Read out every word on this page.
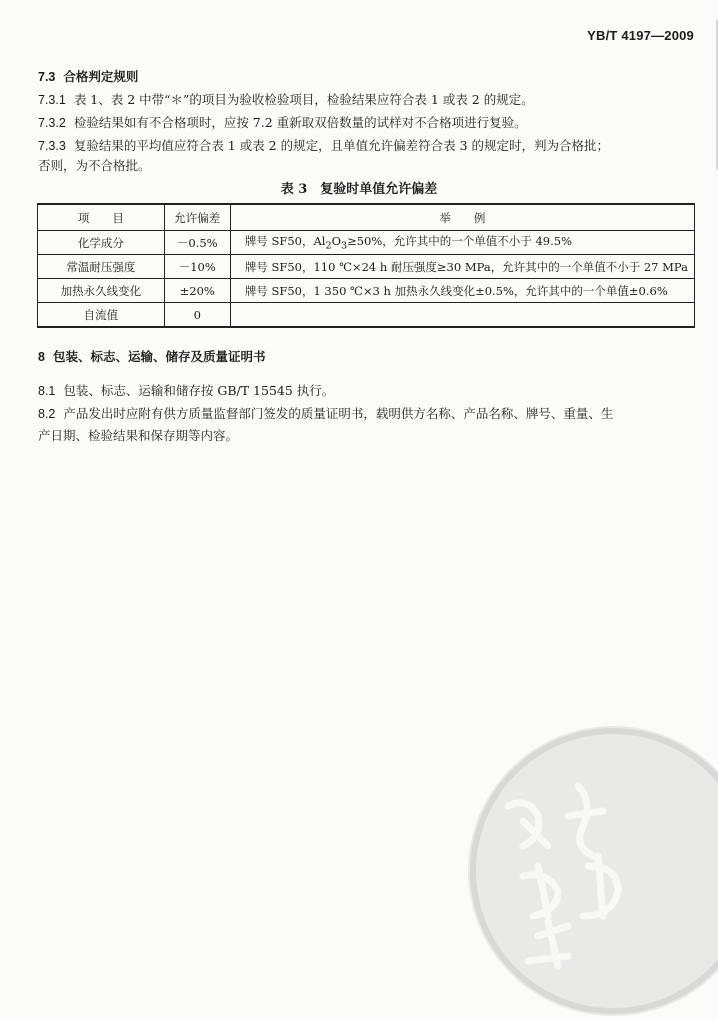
YB/T 4197—2009
7.3 合格判定规则
7.3.1 表 1、表 2 中带“＊”的项目为验收检验项目，检验结果应符合表 1 或表 2 的规定。
7.3.2 检验结果如有不合格项时，应按 7.2 重新取双倍数量的试样对不合格项进行复验。
7.3.3 复验结果的平均值应符合表 1 或表 2 的规定，且单值允许偏差符合表 3 的规定时，判为合格批；
否则，为不合格批。
表 3　复验时单值允许偏差
项　　目	允许偏差	举　　例
化学成分	－0.5%	牌号 SF50，$Al_2O_3\ge 50\%$，允许其中的一个单值不小于 49.5%
常温耐压强度	－10%	牌号 SF50，110 ℃×24 h 耐压强度≥30 MPa，允许其中的一个单值不小于 27 MPa
加热永久线变化	±20%	牌号 SF50，1 350 ℃×3 h 加热永久线变化±0.5%，允许其中的一个单值±0.6%
自流值	0	
8 包装、标志、运输、储存及质量证明书
8.1 包装、标志、运输和储存按 GB/T 15545 执行。
8.2 产品发出时应附有供方质量监督部门签发的质量证明书，载明供方名称、产品名称、牌号、重量、生
产日期、检验结果和保存期等内容。
